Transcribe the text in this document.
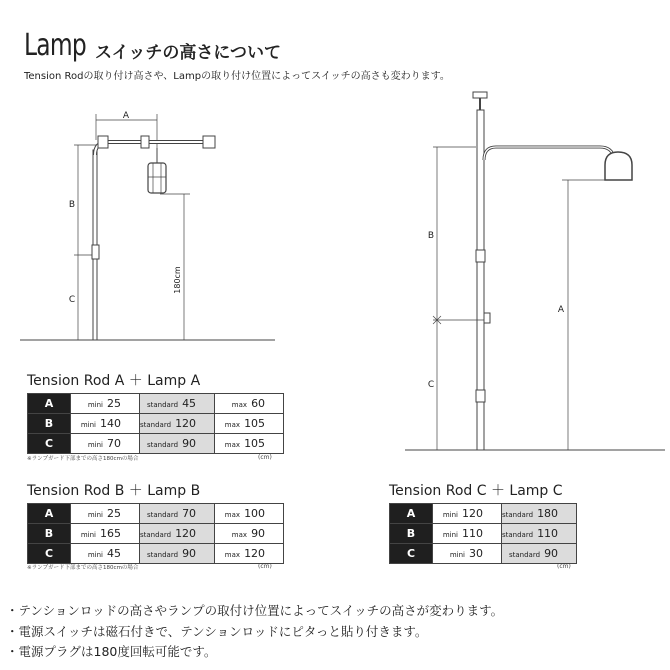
Lamp スイッチの高さについて
Tension Rodの取り付け高さや、Lampの取り付け位置によってスイッチの高さも変わります。
A
B
C
180cm
B
C
A
Tension Rod A ＋ Lamp A
A	mini 25	standard 45	max 60

B	mini 140	standard 120	max 105

C	mini 70	standard 90	max 105
※ランプガード下部までの高さ180cmの場合	(cm)
Tension Rod B ＋ Lamp B
A	mini 25	standard 70	max 100

B	mini 165	standard 120	max 90

C	mini 45	standard 90	max 120
※ランプガード下部までの高さ180cmの場合	(cm)
Tension Rod C ＋ Lamp C
A	mini 120	standard 180

B	mini 110	standard 110

C	mini 30	standard 90
(cm)
・テンションロッドの高さやランプの取付け位置によってスイッチの高さが変わります。
・電源スイッチは磁石付きで、テンションロッドにピタっと貼り付きます。
・電源プラグは180度回転可能です。
